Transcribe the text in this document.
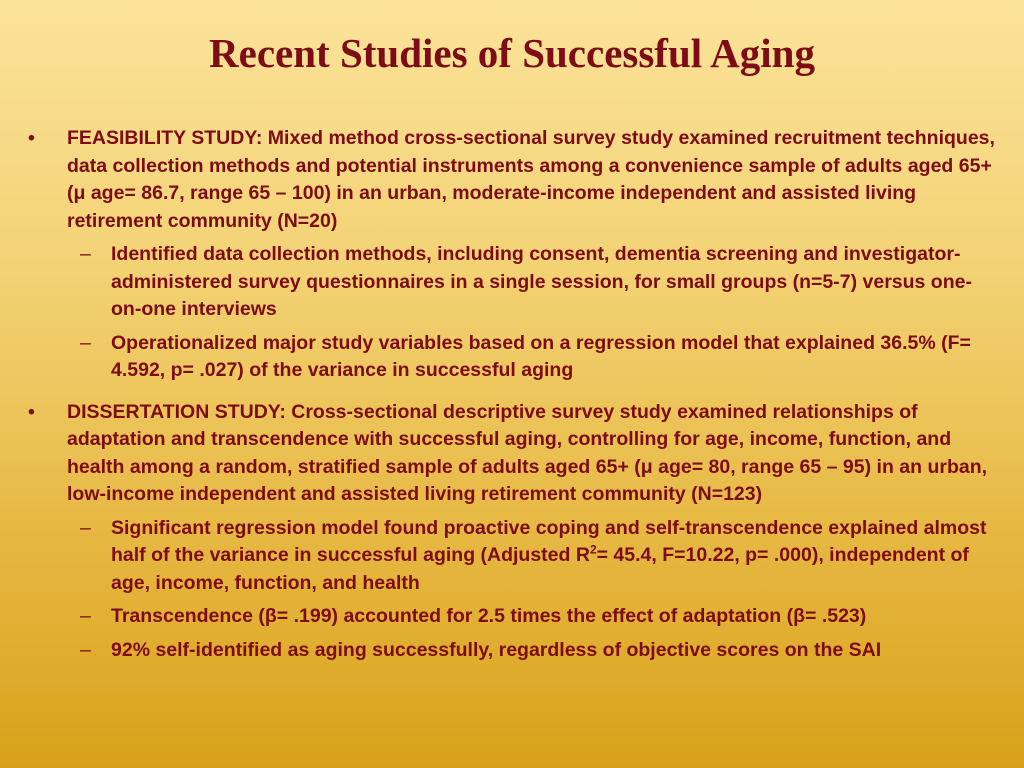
Recent Studies of Successful Aging
•	FEASIBILITY STUDY: Mixed method cross-sectional survey study examined recruitment techniques, data collection methods and potential instruments among a convenience sample of adults aged 65+ (μ age= 86.7, range 65 – 100) in an urban, moderate-income independent and assisted living retirement community (N=20)
– Identified data collection methods, including consent, dementia screening and investigator-administered survey questionnaires in a single session, for small groups (n=5-7) versus one-on-one interviews
– Operationalized major study variables based on a regression model that explained 36.5% (F= 4.592, p= .027) of the variance in successful aging
•	DISSERTATION STUDY: Cross-sectional descriptive survey study examined relationships of adaptation and transcendence with successful aging, controlling for age, income, function, and health among a random, stratified sample of adults aged 65+ (μ age= 80, range 65 – 95) in an urban, low-income independent and assisted living retirement community (N=123)
– Significant regression model found proactive coping and self-transcendence explained almost half of the variance in successful aging (Adjusted $R^2= 45.4$, F=10.22, p= .000), independent of age, income, function, and health
– Transcendence (β= .199) accounted for 2.5 times the effect of adaptation (β= .523)
– 92% self-identified as aging successfully, regardless of objective scores on the SAI
